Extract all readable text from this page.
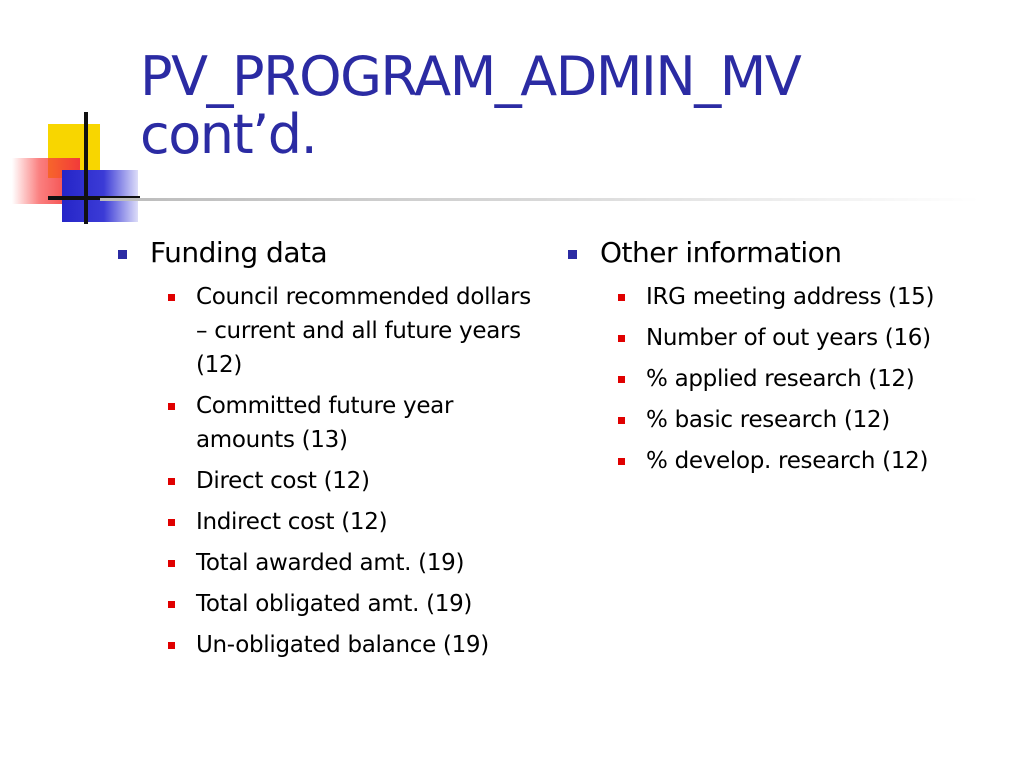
PV_PROGRAM_ADMIN_MV
cont’d.
Funding data
Council recommended dollars – current and all future years (12)
Committed future year amounts (13)
Direct cost (12)
Indirect cost (12)
Total awarded amt. (19)
Total obligated amt. (19)
Un-obligated balance (19)
Other information
IRG meeting address (15)
Number of out years (16)
% applied research (12)
% basic research (12)
% develop. research (12)
